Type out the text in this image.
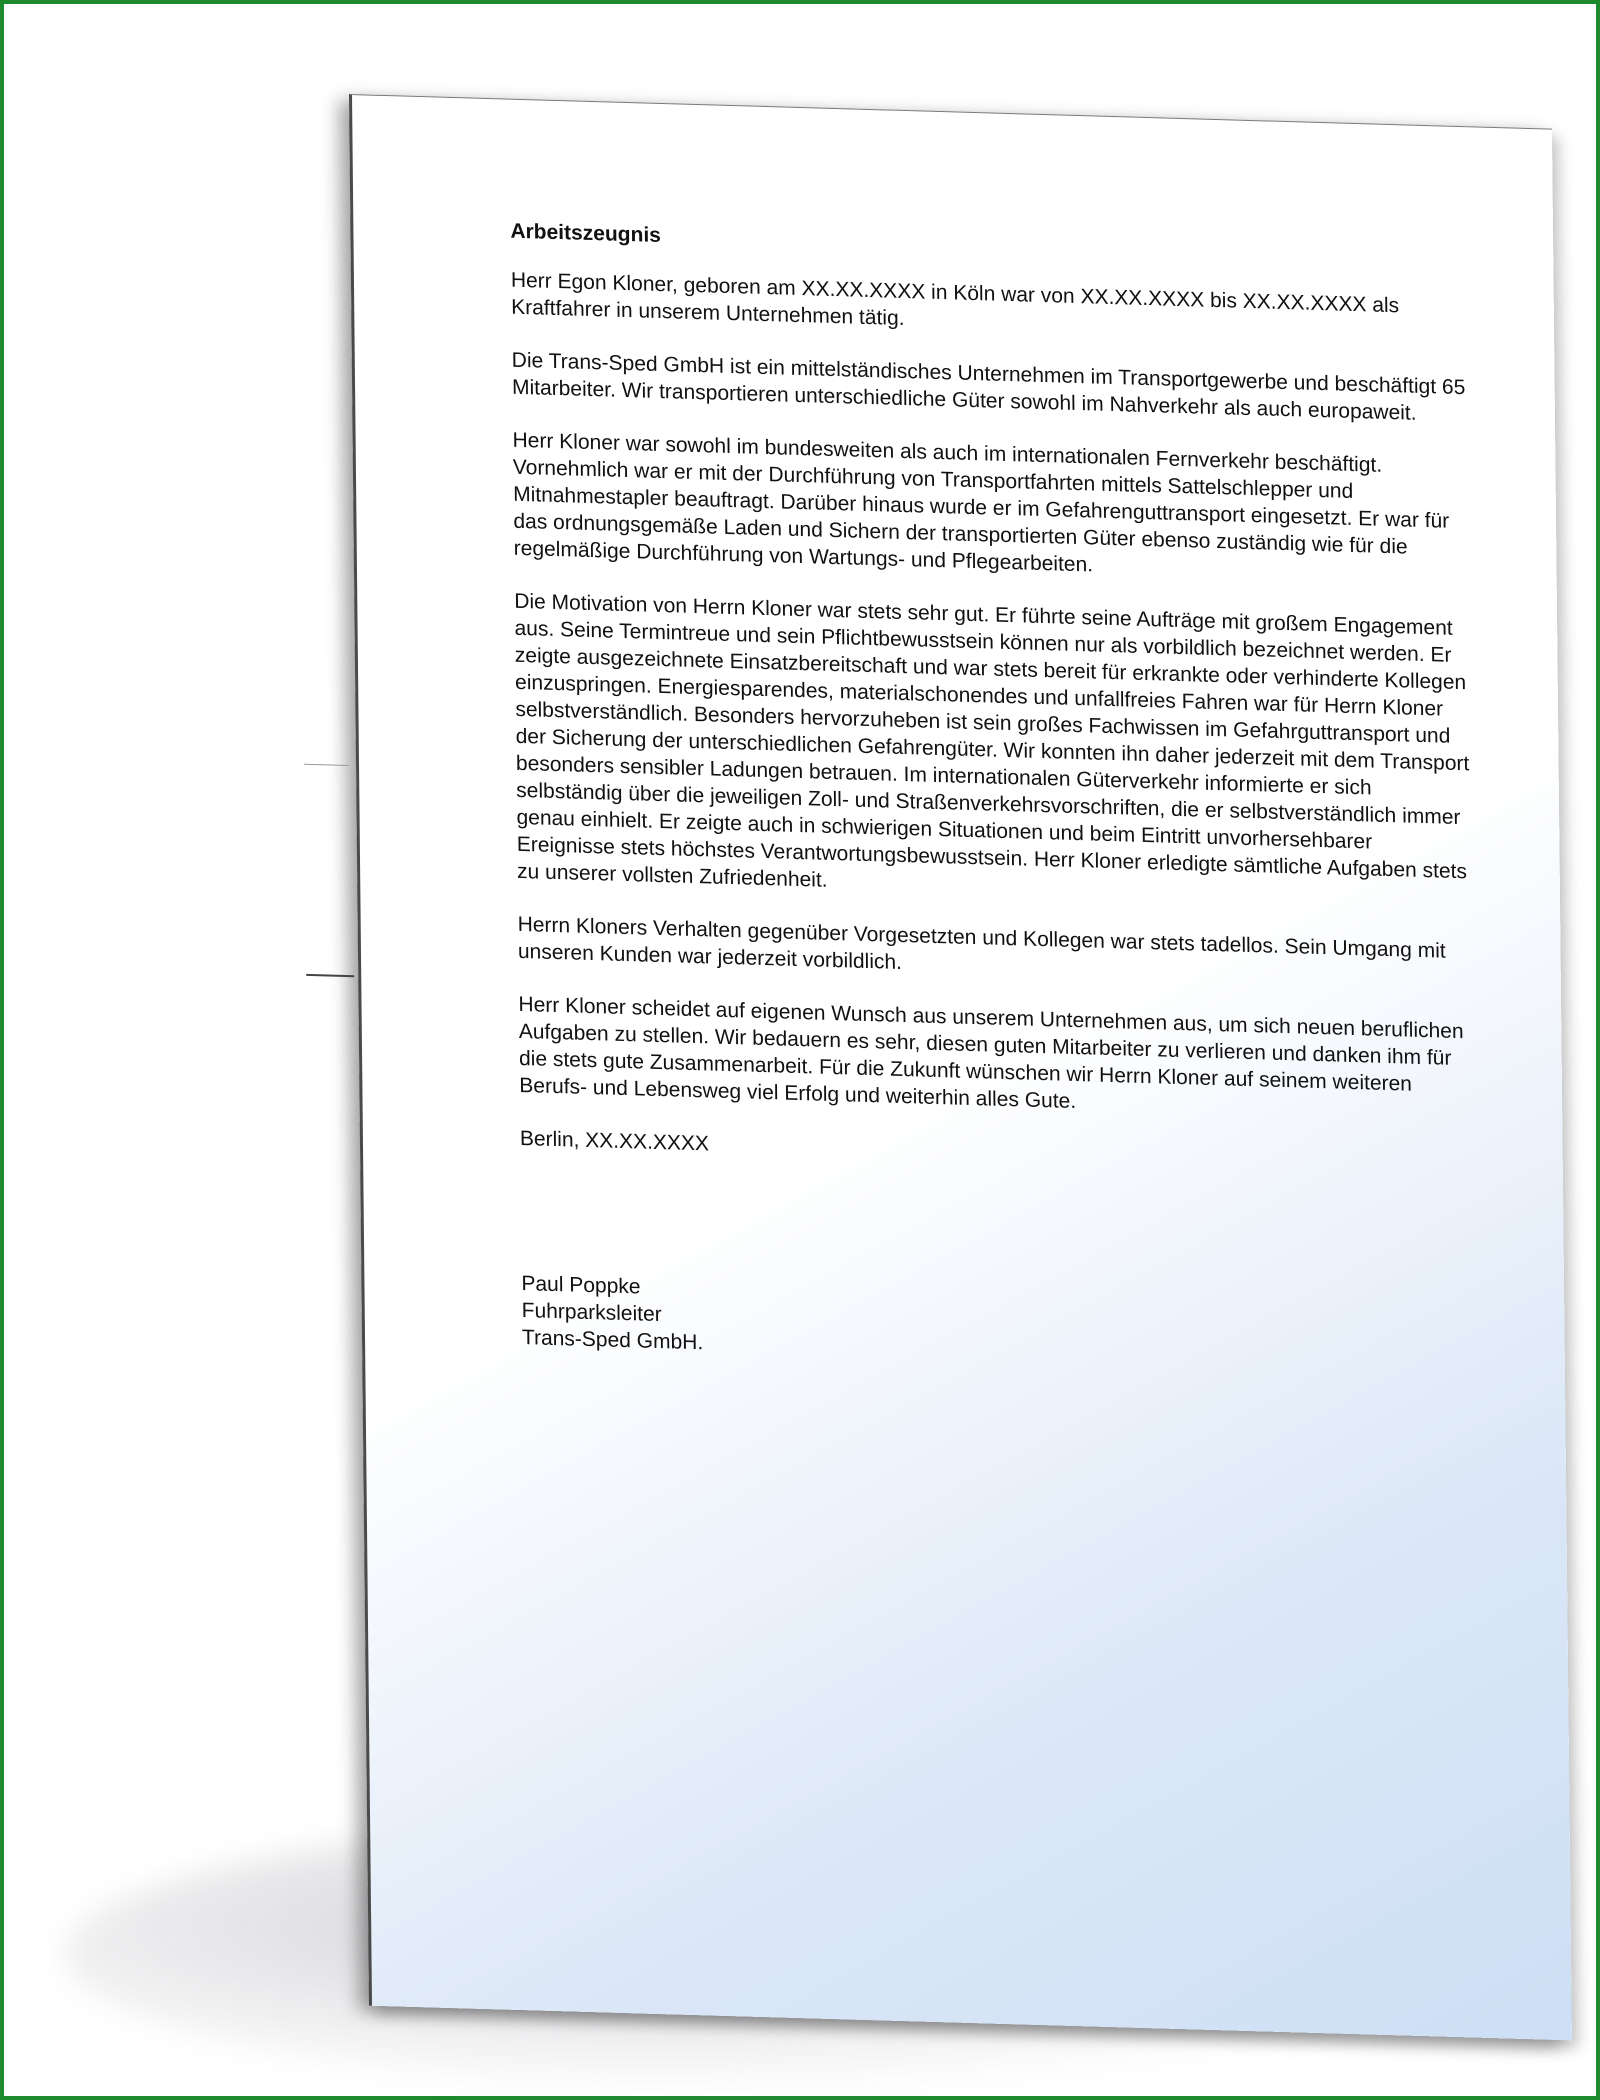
Arbeitszeugnis

Herr Egon Kloner, geboren am XX.XX.XXXX in Köln war von XX.XX.XXXX bis XX.XX.XXXX als Kraftfahrer in unserem Unternehmen tätig.

Die Trans-Sped GmbH ist ein mittelständisches Unternehmen im Transportgewerbe und beschäftigt 65 Mitarbeiter. Wir transportieren unterschiedliche Güter sowohl im Nahverkehr als auch europaweit.

Herr Kloner war sowohl im bundesweiten als auch im internationalen Fernverkehr beschäftigt. Vornehmlich war er mit der Durchführung von Transportfahrten mittels Sattelschlepper und Mitnahmestapler beauftragt. Darüber hinaus wurde er im Gefahrenguttransport eingesetzt. Er war für das ordnungsgemäße Laden und Sichern der transportierten Güter ebenso zuständig wie für die regelmäßige Durchführung von Wartungs- und Pflegearbeiten.

Die Motivation von Herrn Kloner war stets sehr gut. Er führte seine Aufträge mit großem Engagement aus. Seine Termintreue und sein Pflichtbewusstsein können nur als vorbildlich bezeichnet werden. Er zeigte ausgezeichnete Einsatzbereitschaft und war stets bereit für erkrankte oder verhinderte Kollegen einzuspringen. Energiesparendes, materialschonendes und unfallfreies Fahren war für Herrn Kloner selbstverständlich. Besonders hervorzuheben ist sein großes Fachwissen im Gefahrguttransport und der Sicherung der unterschiedlichen Gefahrengüter. Wir konnten ihn daher jederzeit mit dem Transport besonders sensibler Ladungen betrauen. Im internationalen Güterverkehr informierte er sich selbständig über die jeweiligen Zoll- und Straßenverkehrsvorschriften, die er selbstverständlich immer genau einhielt. Er zeigte auch in schwierigen Situationen und beim Eintritt unvorhersehbarer Ereignisse stets höchstes Verantwortungsbewusstsein. Herr Kloner erledigte sämtliche Aufgaben stets zu unserer vollsten Zufriedenheit.

Herrn Kloners Verhalten gegenüber Vorgesetzten und Kollegen war stets tadellos. Sein Umgang mit unseren Kunden war jederzeit vorbildlich.

Herr Kloner scheidet auf eigenen Wunsch aus unserem Unternehmen aus, um sich neuen beruflichen Aufgaben zu stellen. Wir bedauern es sehr, diesen guten Mitarbeiter zu verlieren und danken ihm für die stets gute Zusammenarbeit. Für die Zukunft wünschen wir Herrn Kloner auf seinem weiteren Berufs- und Lebensweg viel Erfolg und weiterhin alles Gute.

Berlin, XX.XX.XXXX
Paul Poppke
Fuhrparksleiter
Trans-Sped GmbH.
